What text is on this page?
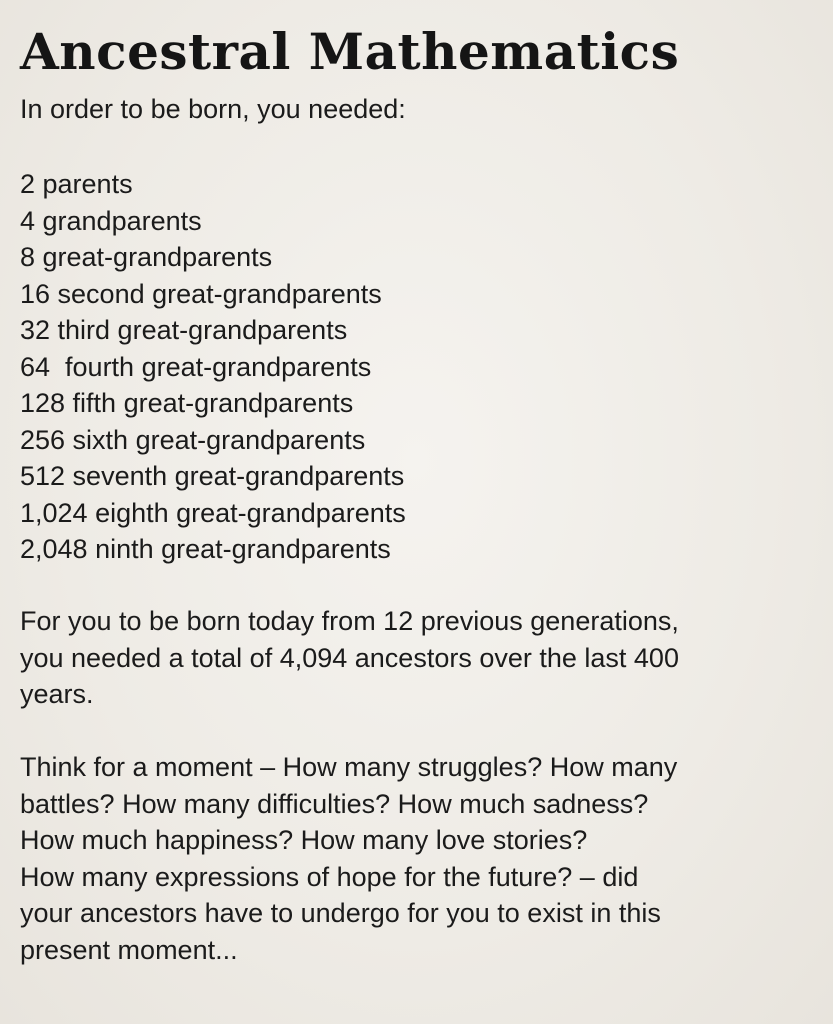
Ancestral Mathematics

In order to be born, you needed:

2 parents
4 grandparents
8 great-grandparents
16 second great-grandparents
32 third great-grandparents
64  fourth great-grandparents
128 fifth great-grandparents
256 sixth great-grandparents
512 seventh great-grandparents
1,024 eighth great-grandparents
2,048 ninth great-grandparents

For you to be born today from 12 previous generations,
you needed a total of 4,094 ancestors over the last 400
years.

Think for a moment – How many struggles? How many
battles? How many difficulties? How much sadness?
How much happiness? How many love stories?
How many expressions of hope for the future? – did
your ancestors have to undergo for you to exist in this
present moment...
